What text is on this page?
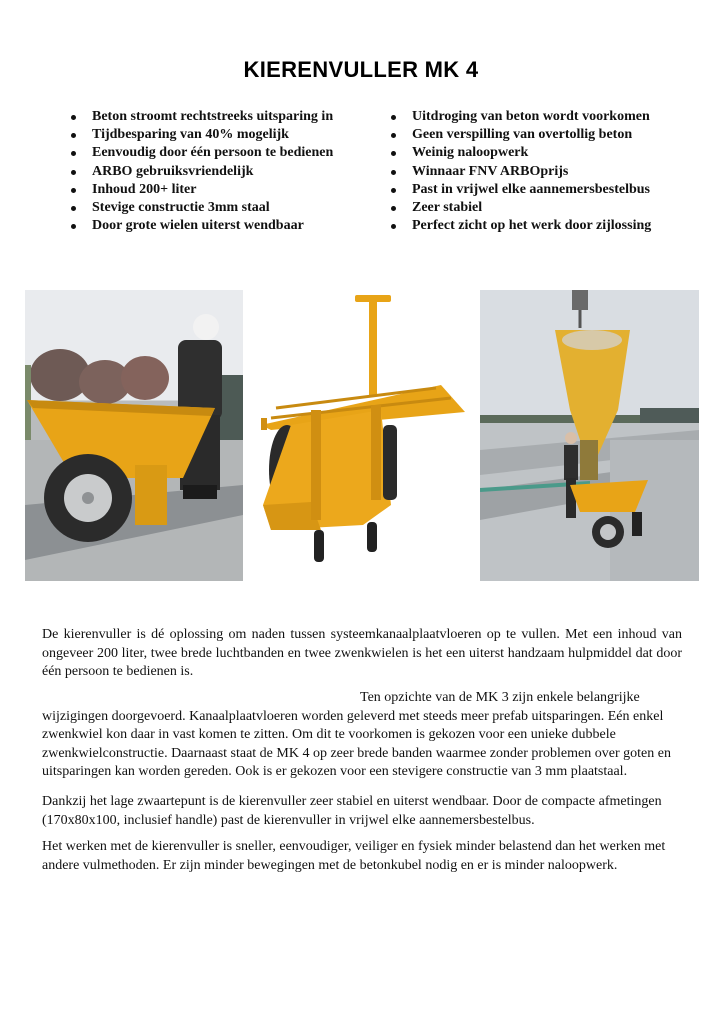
KIERENVULLER MK 4
Beton stroomt rechtstreeks uitsparing in
Tijdbesparing van 40% mogelijk
Eenvoudig door één persoon te bedienen
ARBO gebruiksvriendelijk
Inhoud 200+ liter
Stevige constructie 3mm staal
Door grote wielen uiterst wendbaar
Uitdroging van beton wordt voorkomen
Geen verspilling van overtollig beton
Weinig naloopwerk
Winnaar FNV ARBOprijs
Past in vrijwel elke aannemersbestelbus
Zeer stabiel
Perfect zicht op het werk door zijlossing

De kierenvuller is dé oplossing om naden tussen systeemkanaalplaatvloeren op te vullen. Met een inhoud van ongeveer 200 liter, twee brede luchtbanden en twee zwenkwielen is het een uiterst handzaam hulpmiddel dat door één persoon te bedienen is.

Ten opzichte van de MK 3 zijn enkele belangrijke wijzigingen doorgevoerd. Kanaalplaatvloeren worden geleverd met steeds meer prefab uitsparingen. Eén enkel zwenkwiel kon daar in vast komen te zitten. Om dit te voorkomen is gekozen voor een unieke dubbele zwenkwielconstructie. Daarnaast staat de MK 4 op zeer brede banden waarmee zonder problemen over goten en uitsparingen kan worden gereden. Ook is er gekozen voor een stevigere constructie van 3 mm plaatstaal.

Dankzij het lage zwaartepunt is de kierenvuller zeer stabiel en uiterst wendbaar. Door de compacte afmetingen (170x80x100, inclusief handle) past de kierenvuller in vrijwel elke aannemersbestelbus.

Het werken met de kierenvuller is sneller, eenvoudiger, veiliger en fysiek minder belastend dan het werken met andere vulmethoden. Er zijn minder bewegingen met de betonkubel nodig en er is minder naloopwerk.
